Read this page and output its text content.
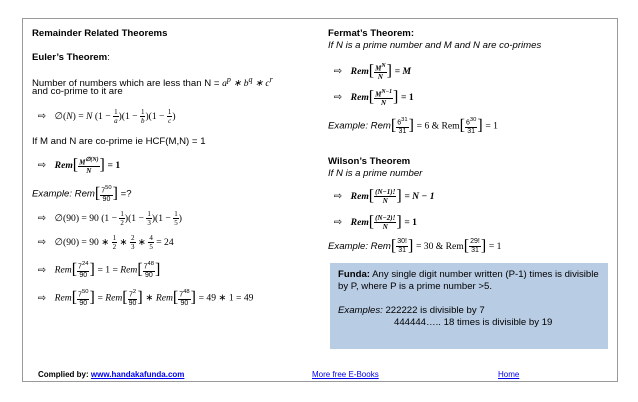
Remainder Related Theorems
Euler’s Theorem:
Number of numbers which are less than $N = a^p$ ∗ $b^q$ ∗ $c^r$
and co-prime to it are
⇨ ∅(N) = N $(1 - \frac{1}{a} )(1 - \frac{1}{b} )(1 - \frac{1}{c}$ )
If M and N are co-prime ie HCF(M,N) = 1
⇨ $Rem[ \frac{M^{\emptyset(N)}}{N}$ ] = 1
Example: $Rem[ \frac{7^{50}}{90}$ ] =?
⇨ ∅(90) = 90 $(1 - \frac{1}{2} )(1 - \frac{1}{3} )(1 - \frac{1}{5}$ )
⇨ ∅(90) = 90 ∗ $\frac{1}{2}$ ∗ $\frac{2}{3}$ ∗ $\frac{4}{5} = 24$
⇨ $Rem[ \frac{7^{24}}{90}$ ] = $1 = Rem[ \frac{7^{48}}{90}$ ]
⇨ $Rem[ \frac{7^{50}}{90}$ ] = $Rem[ \frac{7^2}{90}$ ] ∗ $Rem[ \frac{7^{48}}{90}$ ] = 49 ∗ 1 = 49
Fermat’s Theorem:
If N is a prime number and M and N are co-primes
⇨ $Rem[ \frac{M^N}{N}$ ] = M
⇨ $Rem[ \frac{M^{N-1}}{N}$ ] = 1
Example: $Rem[ \frac{6^{31}}{31}$ ] = 6 & $Rem[ \frac{6^{30}}{31}$ ] = 1
Wilson’s Theorem
If N is a prime number
⇨ $Rem[ \frac{(N-1)!}{N}$ ] = N − 1
⇨ $Rem[ \frac{(N-2)!}{N}$ ] = 1
Example: $Rem[ \frac{30!}{31}$ ] = 30 & $Rem[ \frac{29!}{31}$ ] = 1
Funda: Any single digit number written (P-1) times is divisible by P, where P is a prime number >5.
Examples: 222222 is divisible by 7
444444….. 18 times is divisible by 19
Complied by: www.handakafunda.com	More free E-Books	Home
